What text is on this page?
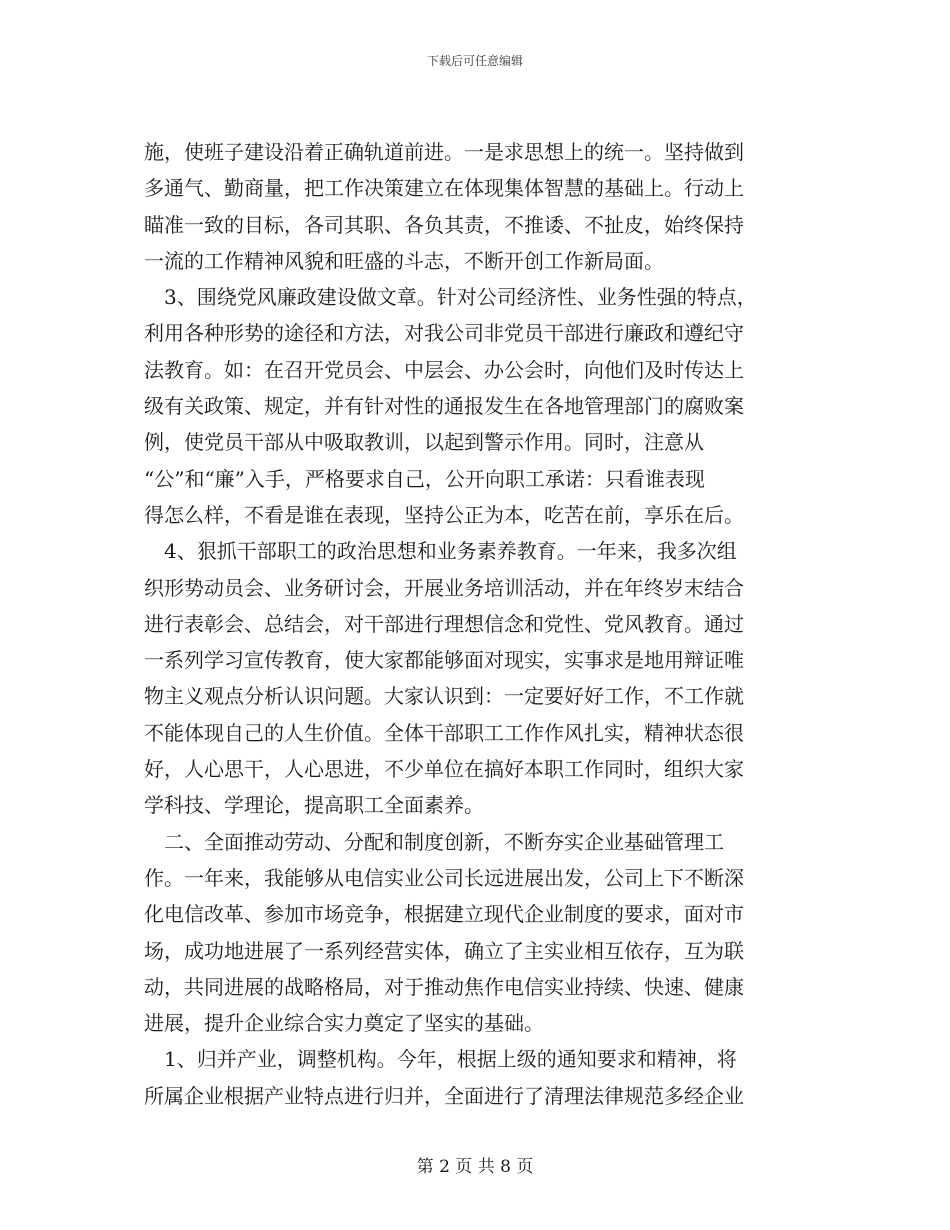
下载后可任意编辑
施，使班子建设沿着正确轨道前进。一是求思想上的统一。坚持做到
多通气、勤商量，把工作决策建立在体现集体智慧的基础上。行动上
瞄准一致的目标，各司其职、各负其责，不推诿、不扯皮，始终保持
一流的工作精神风貌和旺盛的斗志，不断开创工作新局面。
　3、围绕党风廉政建设做文章。针对公司经济性、业务性强的特点，
利用各种形势的途径和方法，对我公司非党员干部进行廉政和遵纪守
法教育。如：在召开党员会、中层会、办公会时，向他们及时传达上
级有关政策、规定，并有针对性的通报发生在各地管理部门的腐败案
例，使党员干部从中吸取教训，以起到警示作用。同时，注意从
“公”和“廉”入手，严格要求自己，公开向职工承诺：只看谁表现
得怎么样，不看是谁在表现，坚持公正为本，吃苦在前，享乐在后。
　4、狠抓干部职工的政治思想和业务素养教育。一年来，我多次组
织形势动员会、业务研讨会，开展业务培训活动，并在年终岁末结合
进行表彰会、总结会，对干部进行理想信念和党性、党风教育。通过
一系列学习宣传教育，使大家都能够面对现实，实事求是地用辩证唯
物主义观点分析认识问题。大家认识到：一定要好好工作，不工作就
不能体现自己的人生价值。全体干部职工工作作风扎实，精神状态很
好，人心思干，人心思进，不少单位在搞好本职工作同时，组织大家
学科技、学理论，提高职工全面素养。
　二、全面推动劳动、分配和制度创新，不断夯实企业基础管理工
作。一年来，我能够从电信实业公司长远进展出发，公司上下不断深
化电信改革、参加市场竞争，根据建立现代企业制度的要求，面对市
场，成功地进展了一系列经营实体，确立了主实业相互依存，互为联
动，共同进展的战略格局，对于推动焦作电信实业持续、快速、健康
进展，提升企业综合实力奠定了坚实的基础。
　1、归并产业，调整机构。今年，根据上级的通知要求和精神，将
所属企业根据产业特点进行归并，全面进行了清理法律规范多经企业
第 2 页 共 8 页
